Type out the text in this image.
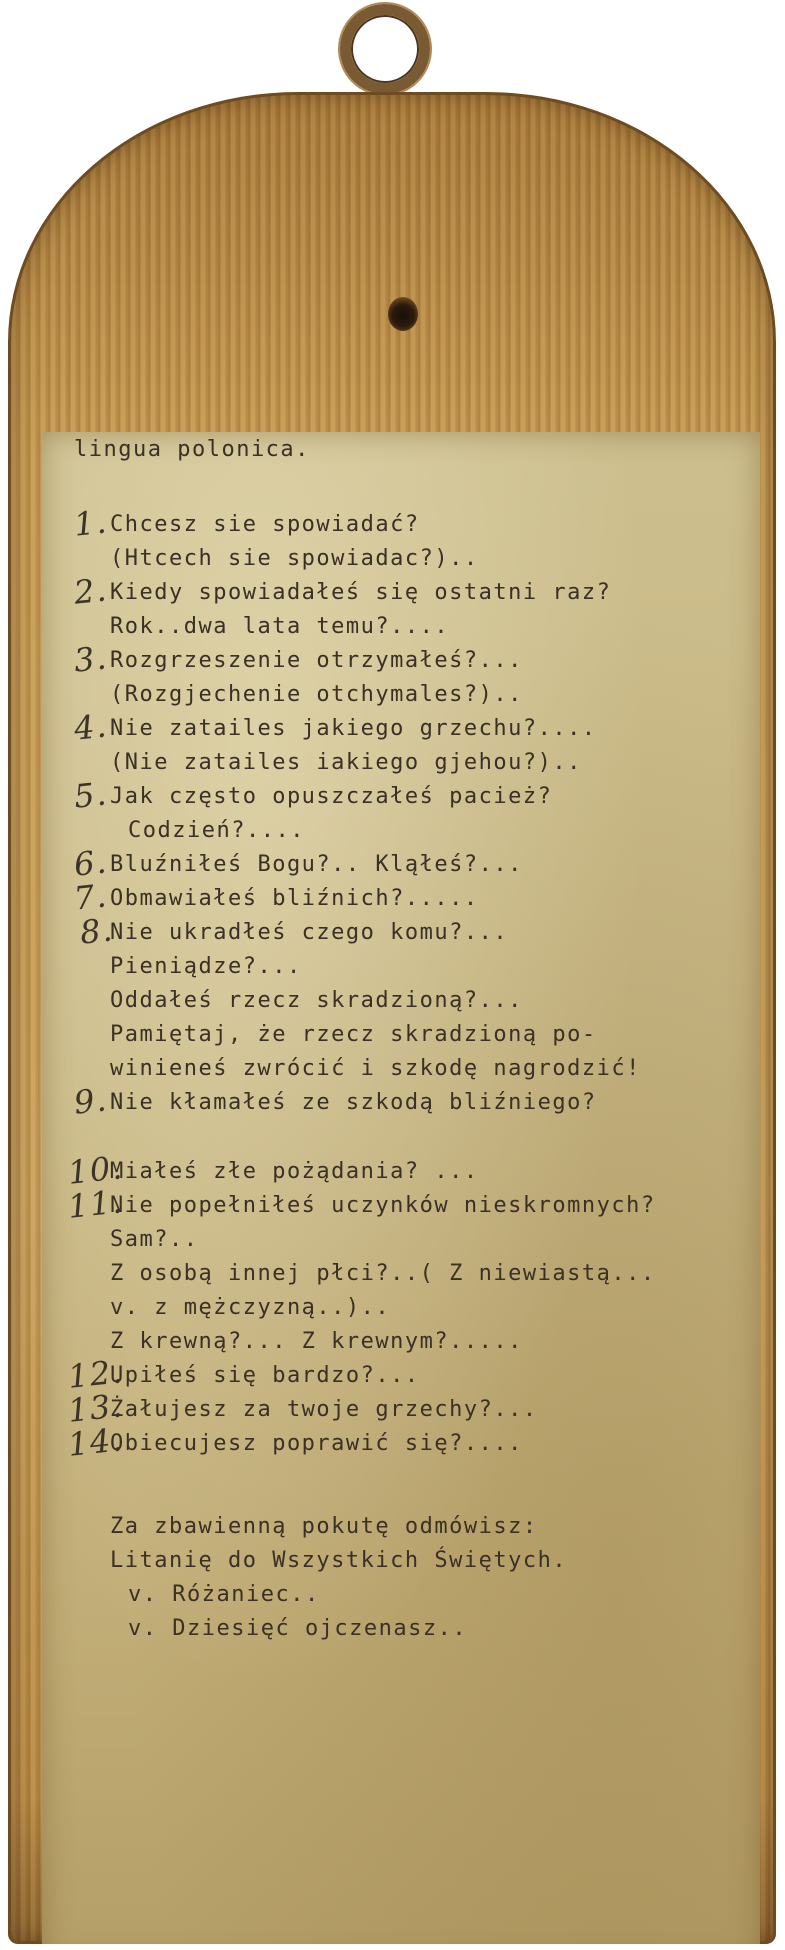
lingua polonica.

Chcesz sie spowiadać?

(Htcech sie spowiadac?)..

Kiedy spowiadałeś się ostatni raz?

Rok..dwa lata temu?....

Rozgrzeszenie otrzymałeś?...

(Rozgjechenie otchymales?)..

Nie zatailes jakiego grzechu?....

(Nie zatailes iakiego gjehou?)..

Jak często opuszczałeś pacież?

Codzień?....

Bluźniłeś Bogu?.. Kląłeś?...

Obmawiałeś bliźnich?.....

Nie ukradłeś czego komu?...

Pieniądze?...

Oddałeś rzecz skradzioną?...

Pamiętaj, że rzecz skradzioną po-

winieneś zwrócić i szkodę nagrodzić!

Nie kłamałeś ze szkodą bliźniego?

Miałeś złe pożądania? ...

Nie popełniłeś uczynków nieskromnych?

Sam?..

Z osobą innej płci?..( Z niewiastą...

v. z mężczyzną..)..

Z krewną?... Z krewnym?.....

Upiłeś się bardzo?...

Żałujesz za twoje grzechy?...

Obiecujesz poprawić się?....

Za zbawienną pokutę odmówisz:

Litanię do Wszystkich Świętych.

v. Różaniec..

v. Dziesięć ojczenasz..

1.

2.

3.

4.

5.

6.

7.

8.

9.

10.

11.

12.

13.

14.
